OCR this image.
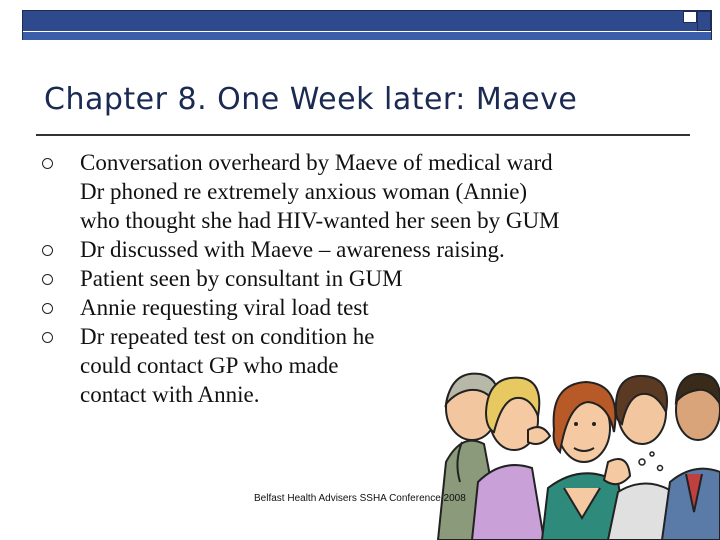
Chapter 8. One Week later: Maeve
Conversation overheard by Maeve of medical ward
Dr phoned re extremely anxious woman (Annie)
who thought she had HIV-wanted her seen by GUM
Dr discussed with Maeve – awareness raising.
Patient seen by consultant in GUM
Annie requesting viral load test
Dr repeated test on condition he
could contact GP who made
contact with Annie.
Belfast Health Advisers SSHA Conference 2008
